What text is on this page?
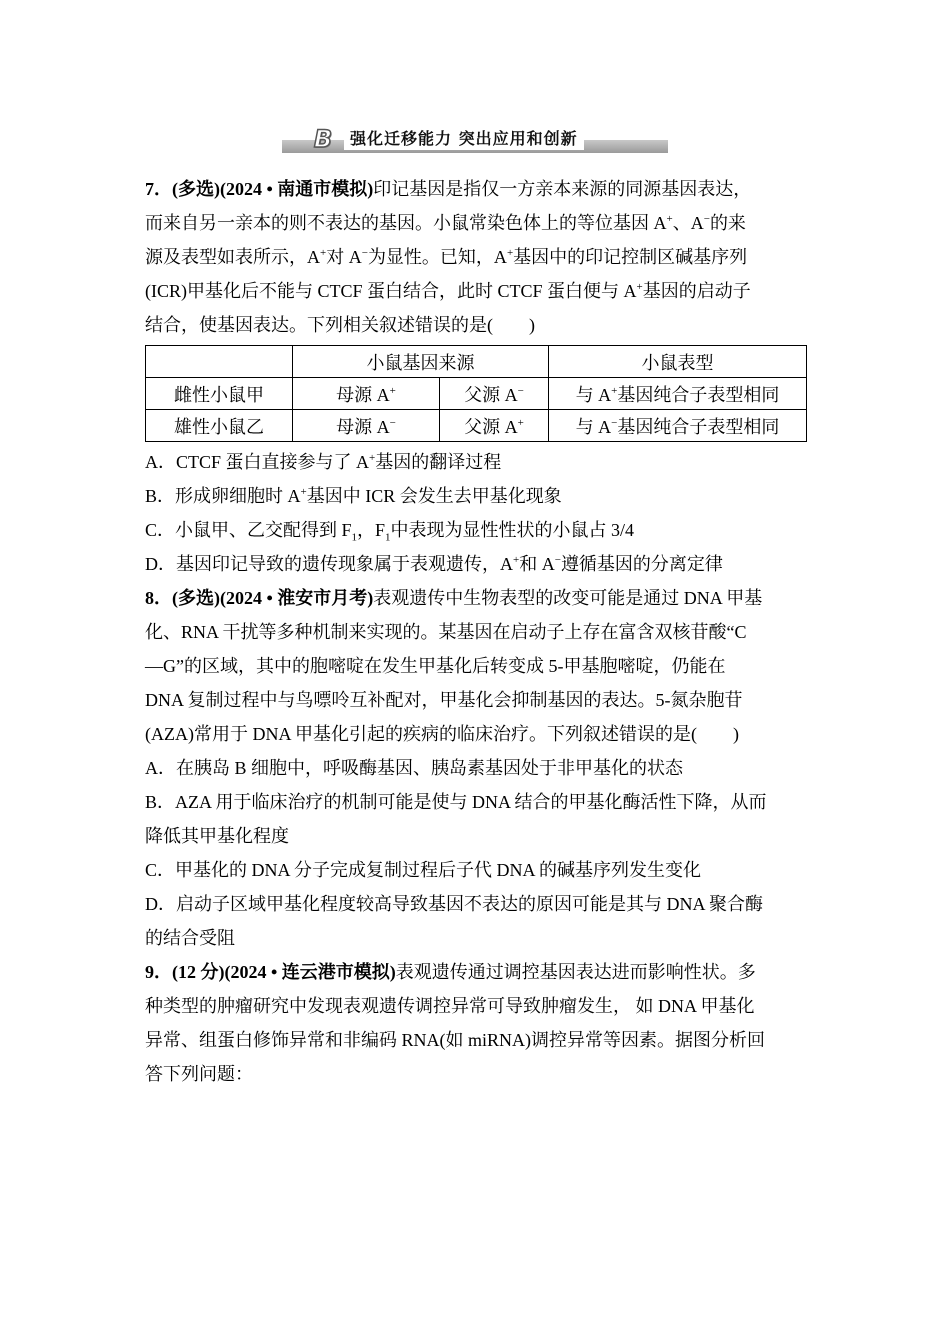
B	强化迁移能力 突出应用和创新
7．(多选)(2024 • 南通市模拟)印记基因是指仅一方亲本来源的同源基因表达，
而来自另一亲本的则不表达的基因。小鼠常染色体上的等位基因 A+、A−的来
源及表型如表所示，A+对 A−为显性。已知，A+基因中的印记控制区碱基序列
(ICR)甲基化后不能与 CTCF 蛋白结合，此时 CTCF 蛋白便与 A+基因的启动子
结合，使基因表达。下列相关叙述错误的是(　　)
	小鼠基因来源		小鼠表型
雌性小鼠甲	母源 A+	父源 A−	与 A+基因纯合子表型相同
雄性小鼠乙	母源 A−	父源 A+	与 A−基因纯合子表型相同
A．CTCF 蛋白直接参与了 A+基因的翻译过程
B．形成卵细胞时 A+基因中 ICR 会发生去甲基化现象
C．小鼠甲、乙交配得到 $F_1$，$F_1$中表现为显性性状的小鼠占 3/4
D．基因印记导致的遗传现象属于表观遗传，A+和 A−遵循基因的分离定律
8．(多选)(2024 • 淮安市月考)表观遗传中生物表型的改变可能是通过 DNA 甲基
化、RNA 干扰等多种机制来实现的。某基因在启动子上存在富含双核苷酸“C
—G”的区域，其中的胞嘧啶在发生甲基化后转变成 5-甲基胞嘧啶，仍能在
DNA 复制过程中与鸟嘌呤互补配对，甲基化会抑制基因的表达。5-氮杂胞苷
(AZA)常用于 DNA 甲基化引起的疾病的临床治疗。下列叙述错误的是(　　)
A．在胰岛 B 细胞中，呼吸酶基因、胰岛素基因处于非甲基化的状态
B．AZA 用于临床治疗的机制可能是使与 DNA 结合的甲基化酶活性下降，从而
降低其甲基化程度
C．甲基化的 DNA 分子完成复制过程后子代 DNA 的碱基序列发生变化
D．启动子区域甲基化程度较高导致基因不表达的原因可能是其与 DNA 聚合酶
的结合受阻
9．(12 分)(2024 • 连云港市模拟)表观遗传通过调控基因表达进而影响性状。多
种类型的肿瘤研究中发现表观遗传调控异常可导致肿瘤发生， 如 DNA 甲基化
异常、组蛋白修饰异常和非编码 RNA(如 miRNA)调控异常等因素。据图分析回
答下列问题：
